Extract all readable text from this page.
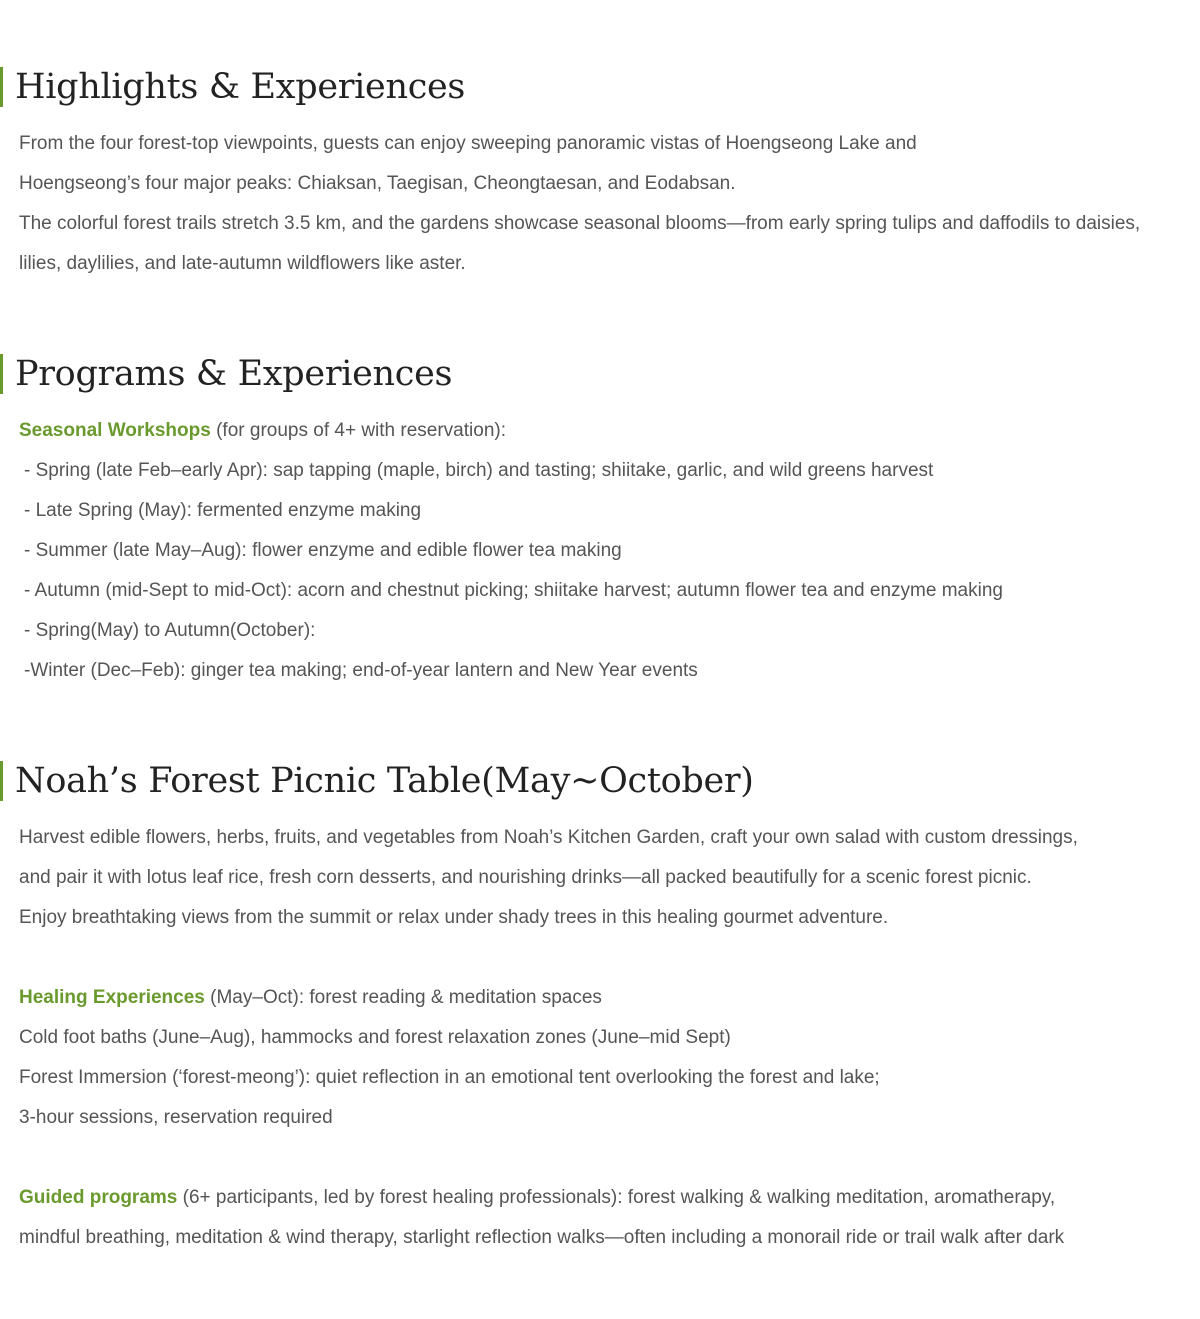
Highlights & Experiences

From the four forest-top viewpoints, guests can enjoy sweeping panoramic vistas of Hoengseong Lake and

Hoengseong’s four major peaks: Chiaksan, Taegisan, Cheongtaesan, and Eodabsan.

The colorful forest trails stretch 3.5 km, and the gardens showcase seasonal blooms—from early spring tulips and daffodils to daisies,

lilies, daylilies, and late-autumn wildflowers like aster.

Programs & Experiences

Seasonal Workshops (for groups of 4+ with reservation):

- Spring (late Feb–early Apr): sap tapping (maple, birch) and tasting; shiitake, garlic, and wild greens harvest

- Late Spring (May): fermented enzyme making

- Summer (late May–Aug): flower enzyme and edible flower tea making

- Autumn (mid-Sept to mid-Oct): acorn and chestnut picking; shiitake harvest; autumn flower tea and enzyme making

- Spring(May) to Autumn(October):

-Winter (Dec–Feb): ginger tea making; end-of-year lantern and New Year events

Noah’s Forest Picnic Table(May~October)

Harvest edible flowers, herbs, fruits, and vegetables from Noah’s Kitchen Garden, craft your own salad with custom dressings,

and pair it with lotus leaf rice, fresh corn desserts, and nourishing drinks—all packed beautifully for a scenic forest picnic.

Enjoy breathtaking views from the summit or relax under shady trees in this healing gourmet adventure.

Healing Experiences (May–Oct): forest reading & meditation spaces

Cold foot baths (June–Aug), hammocks and forest relaxation zones (June–mid Sept)

Forest Immersion (‘forest-meong’): quiet reflection in an emotional tent overlooking the forest and lake;

3-hour sessions, reservation required

Guided programs (6+ participants, led by forest healing professionals): forest walking & walking meditation, aromatherapy,

mindful breathing, meditation & wind therapy, starlight reflection walks—often including a monorail ride or trail walk after dark
